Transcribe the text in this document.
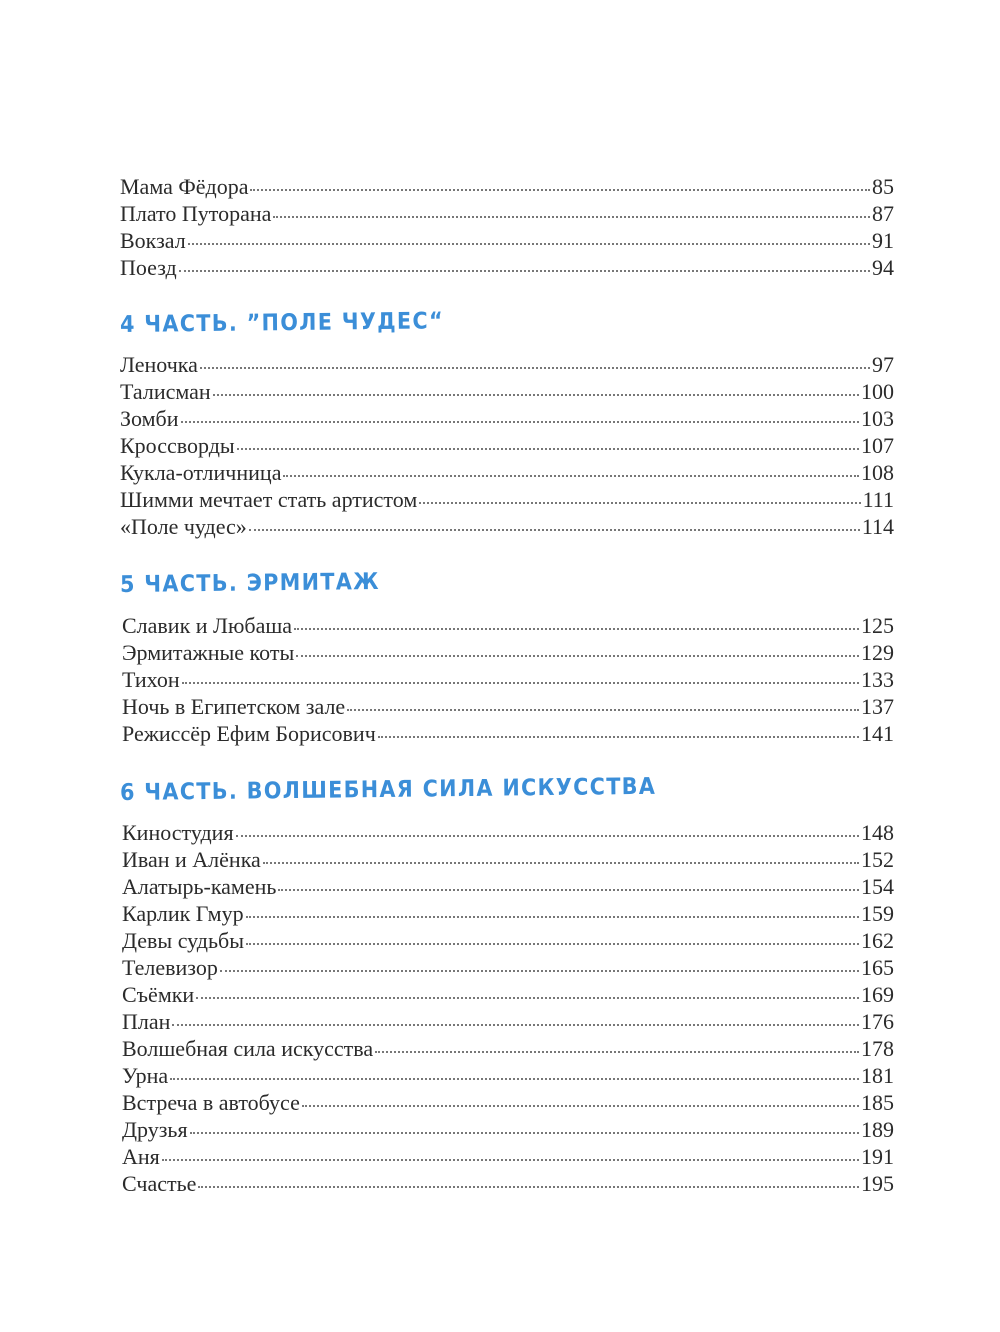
Мама Фёдора	85
Плато Путорана	87
Вокзал	91
Поезд	94
4 ЧАСТЬ. ”ПОЛЕ ЧУДЕС“
Леночка	97
Талисман	100
Зомби	103
Кроссворды	107
Кукла-отличница	108
Шимми мечтает стать артистом	111
«Поле чудес»	114
5 ЧАСТЬ. ЭРМИТАЖ
Славик и Любаша	125
Эрмитажные коты	129
Тихон	133
Ночь в Египетском зале	137
Режиссёр Ефим Борисович	141
6 ЧАСТЬ. ВОЛШЕБНАЯ СИЛА ИСКУССТВА
Киностудия	148
Иван и Алёнка	152
Алатырь-камень	154
Карлик Гмур	159
Девы судьбы	162
Телевизор	165
Съёмки	169
План	176
Волшебная сила искусства	178
Урна	181
Встреча в автобусе	185
Друзья	189
Аня	191
Счастье	195
